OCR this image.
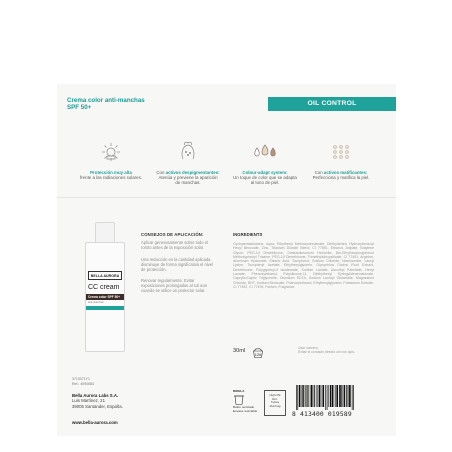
Crema color anti-manchas
SPF 50+
OIL CONTROL
Protección muy alta
frente a las radiaciones solares.
Con activos despigmentantes:
Atenúa y previene la aparición de manchas.
Colour-adapt system:
Un toque de color que se adapta al tono de piel.
Con activos matificantes:
Perfecciona y matifica la piel.
BELLA AURORA
CC cream
Crema color SPF 50+
anti-manchas
CONSEJOS DE APLICACIÓN:
Aplicar generosamente sobre todo el rostro antes de la exposición solar.
Una reducción en la cantidad aplicada disminuye de forma significativa el nivel de protección.
Renovar regularmente. Evitar exposiciones prolongadas al sol aun cuando se utilice un protector solar.
INGREDIENTS
Cyclopentasiloxane, Aqua, Ethylhexyl Methoxycinnamate, Diethylamino Hydroxybenzoyl Hexyl Benzoate, Zinc, Titanium Dioxide Blend, CI 77891, Ethanol, Adipate, Butylene Glycol, PEG-10 Dimethicone, Disteardimonium Hectorite, Bis-Ethylhexyloxyphenol Methoxyphenyl Triazine, PEG-10 Dimethicone, Trimethylsiloxysilicate, CI 77491, Arginine, Aluminum Hydroxide, Stearic Acid, Tocopherol, Sodium Chloride, Niacinamide, Lauryl Lysine, Tocopheryl Acetate, Ethylhexylglycerin, Glycyrrhiza Glabra Root Extract, Dimethicone, Polyglyceryl-4 Isostearate, Sodium Lactate, Ascorbyl Palmitate, Hexyl Laurate, Phenoxyethanol, Polysilicone-11, Diethylhexyl Syringylidenemalonate, Caprylic/Capric Triglyceride, Disodium EDTA, Sodium Lauroyl Glutamate, Magnesium Chloride, BHT, Sodium Benzoate, Phenoxyethanol, Ethylhexylglycerin, Potassium Sorbate, CI 77492, CI 77499, Parfum, Fragrance.
30ml
12M
Usar sobrero.
Evitar el contacto directo con los ojos.
3710071Y1
Ref.: 4990684
Bella Aurora Labs S.A.
Luis Martínez, 21
39005 Santander, España.
www.bella-aurora.com
BIDELA
Bidón reciclado
Envase reciclable
High PE
Rot.
Tubes
Flat bag
8 413400 019589
